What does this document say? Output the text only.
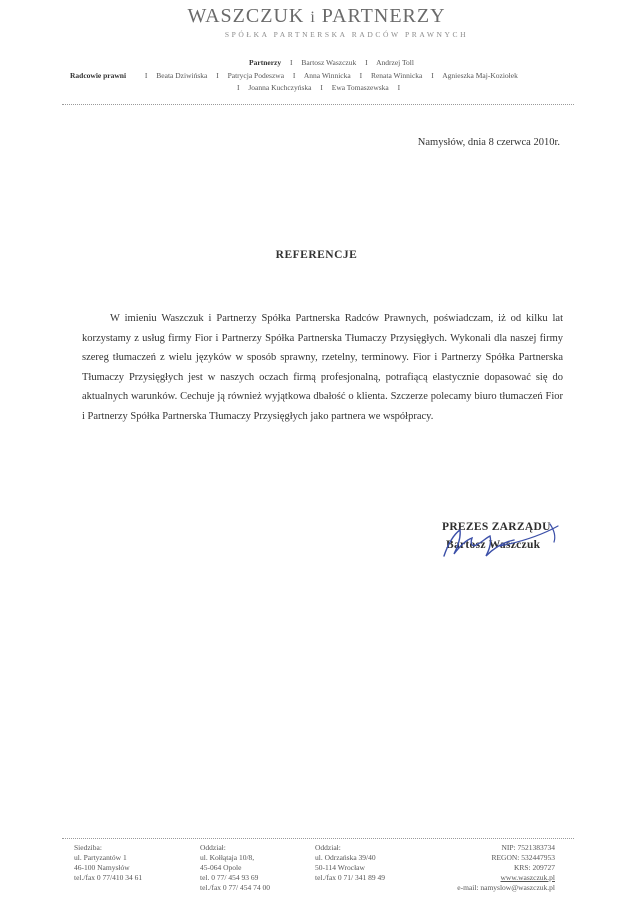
WASZCZUK i PARTNERZY
SPÓŁKA PARTNERSKA RADCÓW PRAWNYCH
Partnerzy I Bartosz Waszczuk I Andrzej Toll
Radcowie prawni	I Beata Dziwińska I Patrycja Podeszwa I Anna Winnicka I Renata Winnicka I Agnieszka Maj-Koziołek
I Joanna Kuchczyńska I Ewa Tomaszewska I
Namysłów, dnia 8 czerwca 2010r.
REFERENCJE
W imieniu Waszczuk i Partnerzy Spółka Partnerska Radców Prawnych, poświadczam, iż od kilku lat korzystamy z usług firmy Fior i Partnerzy Spółka Partnerska Tłumaczy Przysięgłych. Wykonali dla naszej firmy szereg tłumaczeń z wielu języków w sposób sprawny, rzetelny, terminowy. Fior i Partnerzy Spółka Partnerska Tłumaczy Przysięgłych jest w naszych oczach firmą profesjonalną, potrafiącą elastycznie dopasować się do aktualnych warunków. Cechuje ją również wyjątkowa dbałość o klienta. Szczerze polecamy biuro tłumaczeń Fior i Partnerzy Spółka Partnerska Tłumaczy Przysięgłych jako partnera we współpracy.
PREZES ZARZĄDU
Bartosz Waszczuk
Siedziba:
ul. Partyzantów 1
46-100 Namysłów
tel./fax 0 77/410 34 61
Oddział:
ul. Kołłątaja 10/8,
45-064 Opole
tel. 0 77/ 454 93 69
tel./fax 0 77/ 454 74 00
Oddział:
ul. Odrzańska 39/40
50-114 Wrocław
tel./fax 0 71/ 341 89 49
NIP: 7521383734
REGON: 532447953
KRS: 209727
www.waszczuk.pl
e-mail: namyslow@waszczuk.pl
